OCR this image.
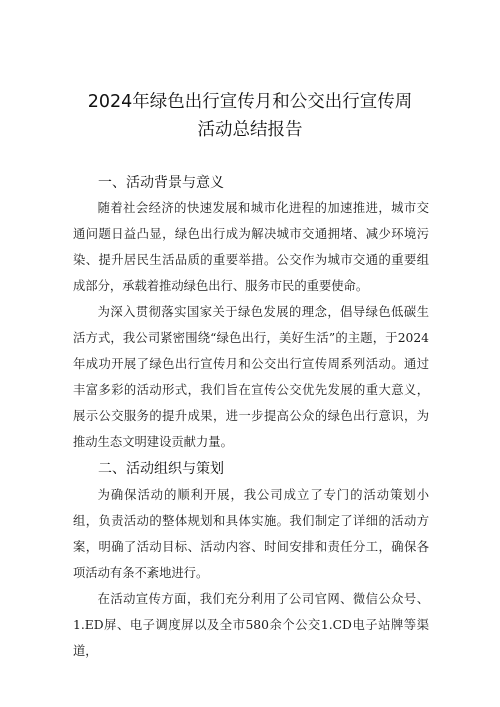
2024年绿色出行宣传月和公交出行宣传周
活动总结报告
一、活动背景与意义

随着社会经济的快速发展和城市化进程的加速推进，城市交通问题日益凸显，绿色出行成为解决城市交通拥堵、减少环境污染、提升居民生活品质的重要举措。公交作为城市交通的重要组成部分，承载着推动绿色出行、服务市民的重要使命。

为深入贯彻落实国家关于绿色发展的理念，倡导绿色低碳生活方式，我公司紧密围绕“绿色出行，美好生活”的主题，于2024年成功开展了绿色出行宣传月和公交出行宣传周系列活动。通过丰富多彩的活动形式，我们旨在宣传公交优先发展的重大意义，展示公交服务的提升成果，进一步提高公众的绿色出行意识，为推动生态文明建设贡献力量。

二、活动组织与策划

为确保活动的顺利开展，我公司成立了专门的活动策划小组，负责活动的整体规划和具体实施。我们制定了详细的活动方案，明确了活动目标、活动内容、时间安排和责任分工，确保各项活动有条不紊地进行。

在活动宣传方面，我们充分利用了公司官网、微信公众号、1.ED屏、电子调度屏以及全市580余个公交1.CD电子站牌等渠道，
